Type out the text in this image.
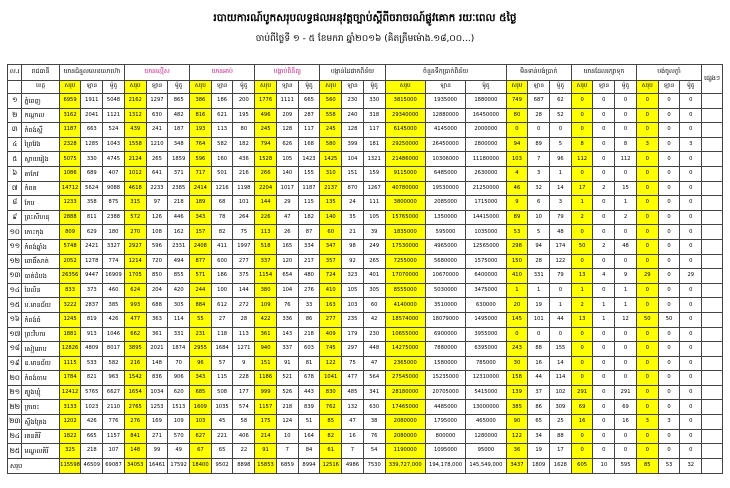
របាយការណ៍បូកសរុបលទ្ធផលអនុវត្តច្បាប់ស្តីពីចរាចរណ៍ផ្លូវគោក រយៈពេល ៥ថ្ងៃ
ចាប់ពីថ្ងៃទី ១ - ៥ ខែមករា ឆ្នាំ២០១៦ (គិតត្រឹមម៉ោង.១៨,០០...)
ល.រ	រាជធានី	យានជំនួលលេខលោហ៊ោ			យានល្មើស			យានអាប់			បង្គាប់ពិនិត្យ			បង្កាន់ដៃផាកពិន័យ			ចំនួនទឹកប្រាក់ពិន័យ			មិនទាន់បង់ប្រាក់			យានដែលរក្សាទុក			បង់ចូលក្លាំ			ផ្សេងៗ
	ខេត្ត	សរុប	ឡាន	ម៉ូតូ	សរុប	ឡាន	ម៉ូតូ	សរុប	ឡាន	ម៉ូតូ	សរុប	ឡាន	ម៉ូតូ	សរុប	ឡាន	ម៉ូតូ	សរុប	ឡាន	ម៉ូតូ	សរុប	ឡាន	ម៉ូតូ	សរុប	ឡាន	ម៉ូតូ	សរុប	ឡាន	ម៉ូតូ	
១	ភ្នំពេញ	6959	1911	5048	2162	1297	865	386	186	200	1776	1111	665	560	230	330	3815000	1935000	1880000	749	687	62	0	0	0	0	0	0	
២	កណ្ដាល	3162	2041	1121	1312	630	482	816	621	195	496	209	287	558	240	318	29340000	12880000	16450000	80	28	52	0	0	0	0	0	0	
៣	កំពង់ស្ពឺ	1187	663	524	439	241	187	193	113	80	245	128	117	245	128	117	6145000	4145000	2000000	0	0	0	0	0	0	0	0	0	
៤	ព្រៃវែង	2328	1285	1043	1558	1210	348	764	582	182	794	626	168	580	399	181	29250000	26450000	2800000	94	89	5	8	0	8	3	0	3	
៥	ស្វាយរៀង	5075	330	4745	2124	265	1859	596	160	436	1528	105	1423	1425	104	1321	21486000	10306000	11180000	103	7	96	112	0	112	0	0	0	
៦	តាកែវ	1086	689	407	1012	641	371	717	501	216	266	140	155	310	151	159	9115000	6485000	2630000	4	3	1	0	0	0	0	0	0	
៧	កំពត	14712	5624	9088	4618	2233	2385	2414	1216	1198	2204	1017	1187	2137	870	1267	40780000	19530000	21250000	46	32	14	17	2	15	0	0	0	
៨	កែប	1233	358	875	315	97	218	189	68	101	144	29	115	135	24	111	3800000	2085000	1715000	9	6	3	1	0	1	0	0	0	
៩	ព្រះសីហនុ	2888	811	2388	572	126	446	343	78	264	226	47	182	140	35	105	15765000	1350000	14415000	89	10	79	2	0	2	0	0	0	
១០	កោះកុង	809	629	180	270	108	162	157	82	75	113	26	87	60	21	39	1835000	595000	1035000	53	5	48	0	0	0	0	0	0	
១១	កំពង់ឆ្នាំង	5748	2421	3327	2927	596	2331	2408	411	1997	518	165	334	347	98	249	17530000	4965000	12565000	298	94	174	50	2	48	0	0	0	
១២	ពោធិ៍សាត់	2052	1278	774	1214	720	494	877	600	277	337	120	217	357	92	265	7255000	5680000	1575000	150	28	122	0	0	0	0	0	0	
១៣	បាត់ដំបង	26356	9447	16909	1705	850	855	571	186	375	1154	654	480	724	323	401	17070000	10670000	6400000	410	331	79	13	4	9	29	0	29	
១៤	បៃលិន	833	373	460	624	204	420	244	100	144	380	104	276	410	105	305	8555000	5030000	3475000	1	1	0	1	0	1	0	0	0	
១៥	ប.មានជ័យ	3222	2837	385	993	688	305	884	612	272	109	76	33	163	103	60	4140000	3510000	630000	20	19	1	2	1	1	0	0	0	
១៦	កំពង់ធំ	1245	819	426	477	363	114	55	27	28	422	336	86	277	235	42	18574000	18079000	1495000	145	101	44	13	1	12	50	50	0	
១៧	ព្រះវិហារ	1881	913	1046	662	361	331	231	118	113	361	143	218	409	179	230	10655000	6900000	3955000	0	0	0	0	0	0	0	0	0	
១៨	សៀមរាប	12826	4809	8017	3895	2021	1874	2955	1684	1271	940	337	603	745	297	448	14275000	7880000	6395000	243	88	155	0	0	0	0	0	0	
១៩	ឧ.មានជ័យ	1115	533	582	216	148	70	96	57	9	151	91	81	122	75	47	2365000	1580000	785000	30	16	14	0	0	0	0	0	0	
២០	កំពង់ចាម	1784	821	963	1542	836	906	343	115	228	1186	521	678	1041	477	564	27545000	15235000	12310000	158	44	114	0	0	0	0	0	0	
២១	ត្បូងឃ្មុំ	12412	5765	6627	1654	1034	620	685	508	177	999	526	443	830	485	341	28180000	20705000	5415000	139	37	102	291	0	291	0	0	0	
២២	ក្រចេះ	3133	1023	2110	2765	1253	1513	1609	1035	574	1157	218	839	762	132	630	17465000	4485000	13000000	385	86	309	69	0	69	0	0	0	
២៣	ស្ទឹងត្រែង	1202	426	776	276	169	109	103	45	58	175	124	51	85	47	38	2080000	1795000	465000	90	65	25	16	0	16	3	3	0	
២៤	រតនគិរី	1822	665	1157	841	271	570	627	221	406	214	10	164	82	16	76	2080000	800000	1280000	122	34	88	0	0	0	0	0	0	
២៥	មណ្ឌលគិរី	325	218	107	148	99	49	67	65	22	91	7	84	61	7	54	1190000	1095000	95000	36	19	17	0	0	0	0	0	0	
សរុប		115598	46509	69087	34053	16461	17592	18400	9502	8898	15853	6859	8994	12516	4986	7530	339,727,000	194,178,000	145,549,000	3437	1809	1628	605	10	595	85	53	32	
